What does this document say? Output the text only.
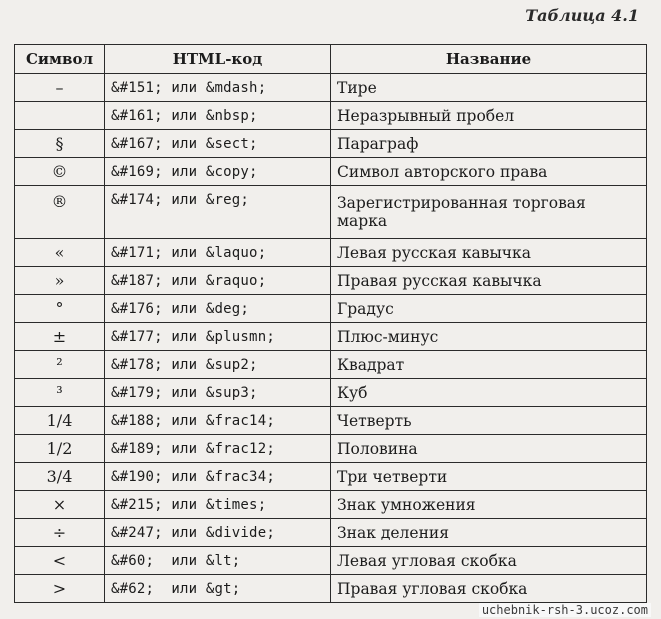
Таблица 4.1
Символ	HTML-код	Название
–	&#151; или &mdash;	Тире
	&#161; или &nbsp;	Неразрывный пробел
§	&#167; или &sect;	Параграф
©	&#169; или &copy;	Символ авторского права
®	&#174; или &reg;	Зарегистрированная торговая марка
«	&#171; или &laquo;	Левая русская кавычка
»	&#187; или &raquo;	Правая русская кавычка
°	&#176; или &deg;	Градус
±	&#177; или &plusmn;	Плюс-минус
²	&#178; или &sup2;	Квадрат
³	&#179; или &sup3;	Куб
1/4	&#188; или &frac14;	Четверть
1/2	&#189; или &frac12;	Половина
3/4	&#190; или &frac34;	Три четверти
×	&#215; или &times;	Знак умножения
÷	&#247; или &divide;	Знак деления
<	&#60;  или &lt;	Левая угловая скобка
>	&#62;  или &gt;	Правая угловая скобка
uchebnik-rsh-3.ucoz.com
